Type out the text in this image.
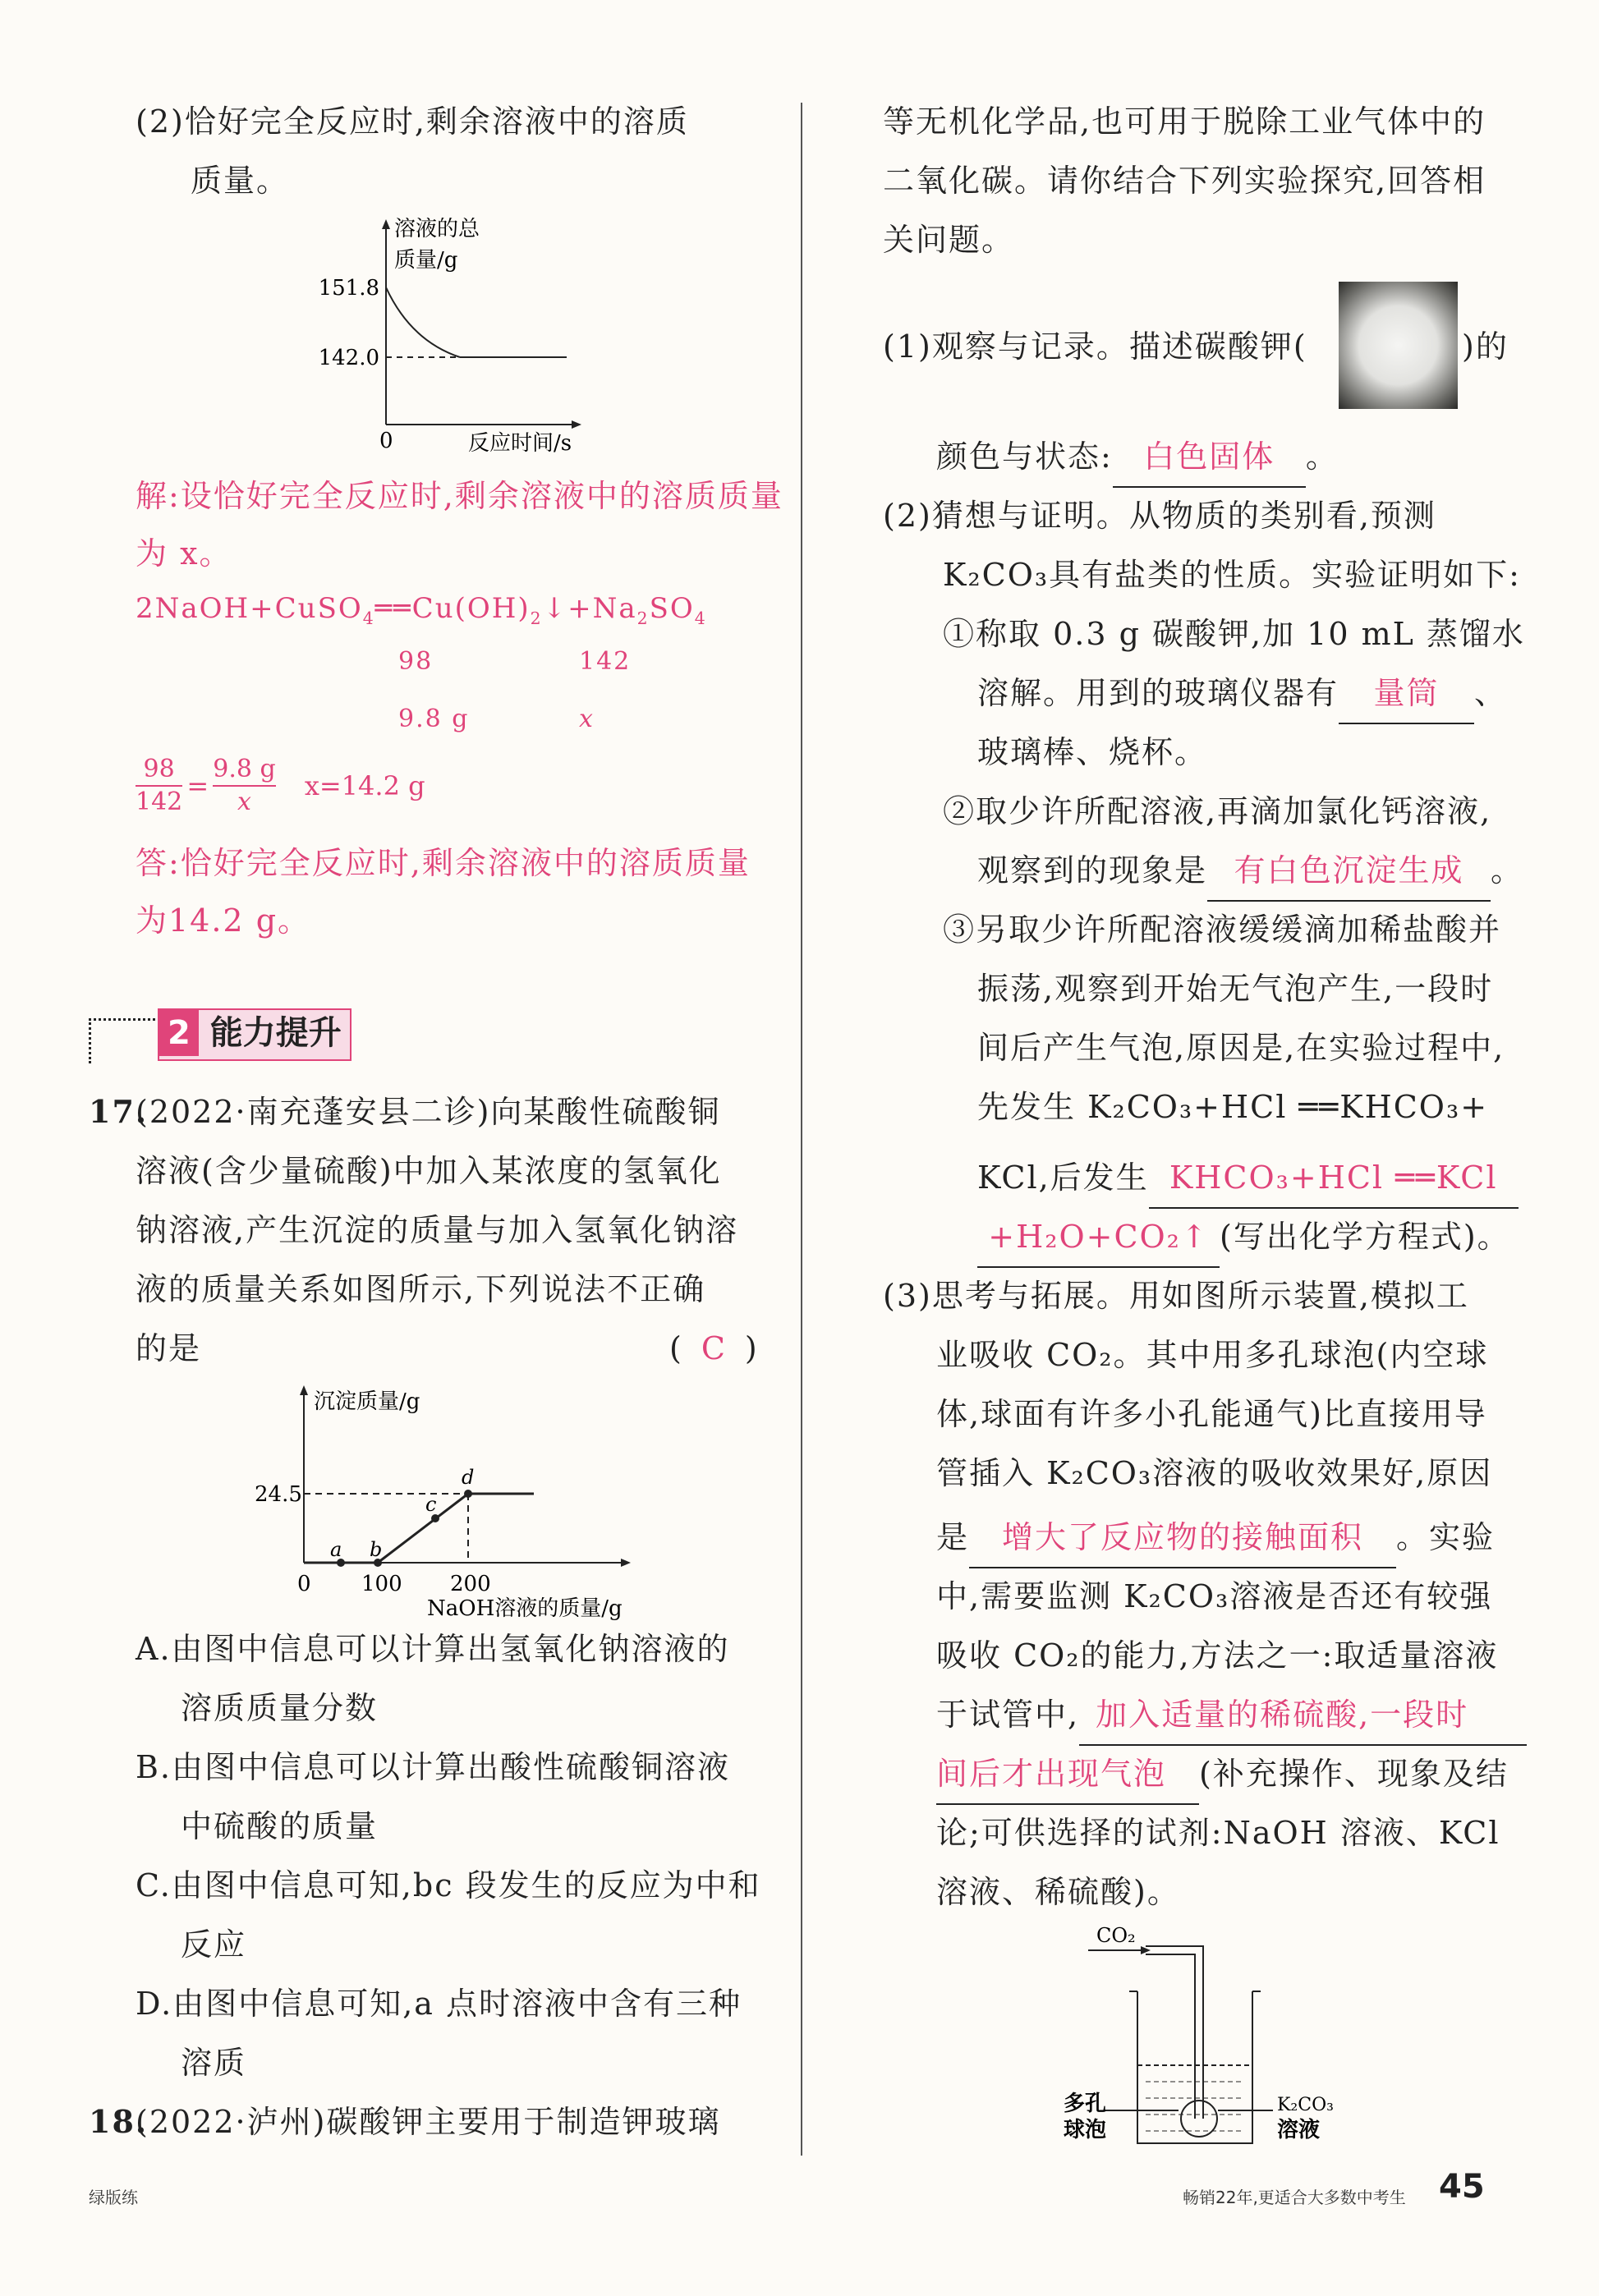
(2)恰好完全反应时,剩余溶液中的溶质
质量。
溶液的总
质量/g
151.8
142.0
0	反应时间/s
解:设恰好完全反应时,剩余溶液中的溶质质量
为 x。
$2NaOH+CuSO_4══Cu(OH)_2↓+Na_2SO_4$
98	142
9.8 g	x
$\frac{98}{142} = \frac{9.8 g}{x} x=14.2$ g
答:恰好完全反应时,剩余溶液中的溶质质量
为14.2 g。
2 能力提升
17.
(2022·南充蓬安县二诊)向某酸性硫酸铜
溶液(含少量硫酸)中加入某浓度的氢氧化
钠溶液,产生沉淀的质量与加入氢氧化钠溶
液的质量关系如图所示,下列说法不正确
的是	( C )
沉淀质量/g
24.5
a b
c
d
0 100 200
NaOH溶液的质量/g
A.由图中信息可以计算出氢氧化钠溶液的
溶质质量分数
B.由图中信息可以计算出酸性硫酸铜溶液
中硫酸的质量
C.由图中信息可知,bc 段发生的反应为中和
反应
D.由图中信息可知,a 点时溶液中含有三种
溶质
18.
(2022·泸州)碳酸钾主要用于制造钾玻璃
等无机化学品,也可用于脱除工业气体中的
二氧化碳。请你结合下列实验探究,回答相
关问题。
(1)观察与记录。描述碳酸钾(	)的
颜色与状态: 白色固体 。
(2)猜想与证明。从物质的类别看,预测
K₂CO₃具有盐类的性质。实验证明如下:
①称取 0.3 g 碳酸钾,加 10 mL 蒸馏水
溶解。用到的玻璃仪器有 量筒 、
玻璃棒、烧杯。
②取少许所配溶液,再滴加氯化钙溶液,
观察到的现象是 有白色沉淀生成 。
③另取少许所配溶液缓缓滴加稀盐酸并
振荡,观察到开始无气泡产生,一段时
间后产生气泡,原因是,在实验过程中,
先发生 K₂CO₃+HCl ══KHCO₃+
KCl,后发生 KHCO₃+HCl ══KCl
+H₂O+CO₂↑ (写出化学方程式)。
(3)思考与拓展。用如图所示装置,模拟工
业吸收 CO₂。其中用多孔球泡(内空球
体,球面有许多小孔能通气)比直接用导
管插入 K₂CO₃溶液的吸收效果好,原因
是 增大了反应物的接触面积 。实验
中,需要监测 K₂CO₃溶液是否还有较强
吸收 CO₂的能力,方法之一:取适量溶液
于试管中, 加入适量的稀硫酸,一段时
间后才出现气泡 (补充操作、现象及结
论;可供选择的试剂:NaOH 溶液、KCl
溶液、稀硫酸)。
CO₂
多孔
球泡
K₂CO₃
溶液
绿版练	畅销22年,更适合大多数中考生 45
